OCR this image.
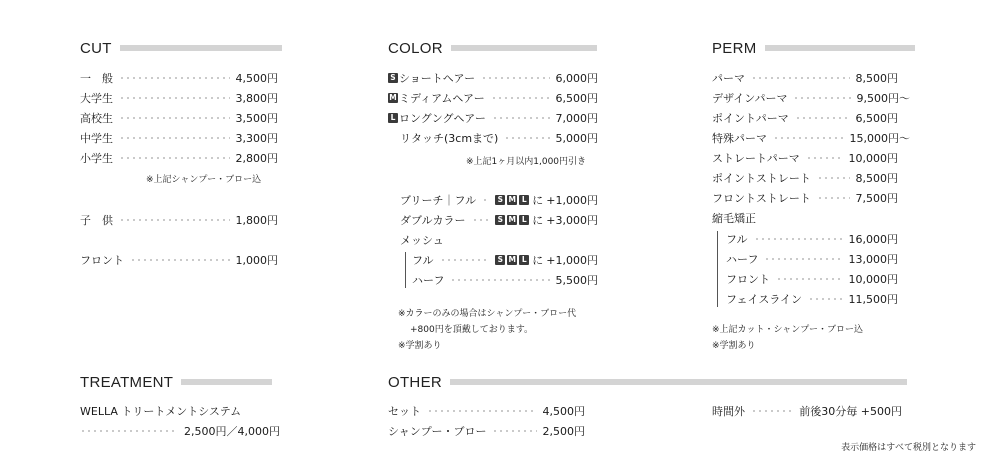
CUT
一　般	4,500円
大学生	3,800円
高校生	3,500円
中学生	3,300円
小学生	2,800円
※上記シャンプー・ブロー込
子　供	1,800円
フロント	1,000円
COLOR
S ショートヘアー	6,000円
M ミディアムヘアー	6,500円
L ロングングヘアー	7,000円
リタッチ(3cmまで)	5,000円
※上記1ヶ月以内1,000円引き
ブリーチ｜フル	S M L に +1,000円
ダブルカラー	S M L に +3,000円
メッシュ
フル	S M L に +1,000円
ハーフ	5,500円
※カラーのみの場合はシャンプー・ブロー代
+800円を頂戴しております。
※学割あり
PERM
パーマ	8,500円
デザインパーマ	9,500円〜
ポイントパーマ	6,500円
特殊パーマ	15,000円〜
ストレートパーマ	10,000円
ポイントストレート	8,500円
フロントストレート	7,500円
縮毛矯正
フル	16,000円
ハーフ	13,000円
フロント	10,000円
フェイスライン	11,500円
※上記カット・シャンプー・ブロー込
※学割あり
TREATMENT
WELLA トリートメントシステム
2,500円／4,000円
OTHER
セット	4,500円
シャンプー・ブロー	2,500円
時間外	前後30分毎 +500円
表示価格はすべて税別となります
